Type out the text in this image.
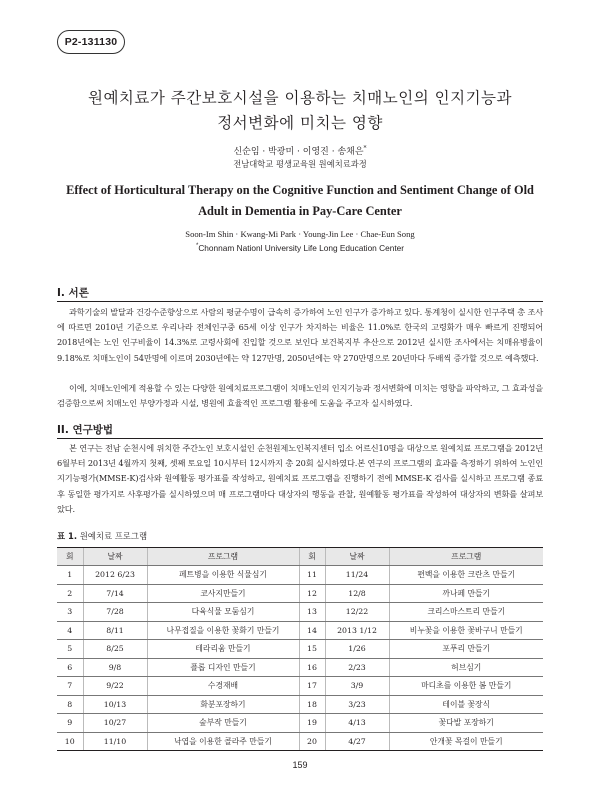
P2-131130
원예치료가 주간보호시설을 이용하는 치매노인의 인지기능과
정서변화에 미치는 영향
신순임 · 박광미 · 이영진 · 송채은*
전남대학교 평생교육원 원예치료과정
Effect of Horticultural Therapy on the Cognitive Function and Sentiment Change of Old
Adult in Dementia in Pay-Care Center
Soon-Im Shin · Kwang-Mi Park · Young-Jin Lee · Chae-Eun Song
*Chonnam Nationl University Life Long Education Center
I. 서론

과학기술의 발달과 건강수준향상으로 사람의 평균수명이 급속히 증가하여 노인 인구가 증가하고 있다. 통계청이 실시한 인구주택 총 조사에 따르면 2010년 기준으로 우리나라 전체인구중 65세 이상 인구가 차지하는 비율은 11.0%로 한국의 고령화가 매우 빠르게 진행되어 2018년에는 노인 인구비율이 14.3%로 고령사회에 진입할 것으로 보인다 보건복지부 추산으로 2012년 실시한 조사에서는 치매유병율이 9.18%로 치매노인이 54만명에 이르며 2030년에는 약 127만명, 2050년에는 약 270만명으로 20년마다 두배씩 증가할 것으로 예측했다.

이에, 치매노인에게 적용할 수 있는 다양한 원예치료프로그램이 치매노인의 인지기능과 정서변화에 미치는 영향을 파악하고, 그 효과성을 검증함으로써 치매노인 부양가정과 시설, 병원에 효율적인 프로그램 활용에 도움을 주고자 실시하였다.

II. 연구방법

본 연구는 전남 순천시에 위치한 주간노인 보호시설인 순천원제노인복지센터 입소 어르신10명을 대상으로 원예치료 프로그램을 2012년 6월부터 2013년 4월까지 첫째, 셋째 토요일 10시부터 12시까지 총 20회 실시하였다.본 연구의 프로그램의 효과를 측정하기 위하여 노인인지기능평가(MMSE-K)검사와 원예활동 평가표를 작성하고, 원예치료 프로그램을 진행하기 전에 MMSE-K 검사를 실시하고 프로그램 종료 후 동일한 평가지로 사후평가를 실시하였으며 매 프로그램마다 대상자의 행동을 관찰, 원예활동 평가표를 작성하여 대상자의 변화를 살펴보았다.

표 1. 원예치료 프로그램
회	날짜	프로그램	회	날짜	프로그램
1	2012 6/23	페트병을 이용한 식물심기	11	11/24	편백을 이용한 크란츠 만들기
2	7/14	코사지만들기	12	12/8	까나페 만들기
3	7/28	다육식물 모둠심기	13	12/22	크리스마스트리 만들기
4	8/11	나무접질을 이용한 꽃화기 만들기	14	2013 1/12	비누꽃을 이용한 꽃바구니 만들기
5	8/25	테라리움 만들기	15	1/26	포푸리 만들기
6	9/8	플롭 디자인 만들기	16	2/23	허브심기
7	9/22	수경재배	17	3/9	마디초를 이용한 봄 만들기
8	10/13	화분포장하기	18	3/23	테이블 꽃장식
9	10/27	숲부작 만들기	19	4/13	꽃다발 포장하기
10	11/10	낙엽을 이용한 콜라주 만들기	20	4/27	안개꽃 목걸이 만들기
159
